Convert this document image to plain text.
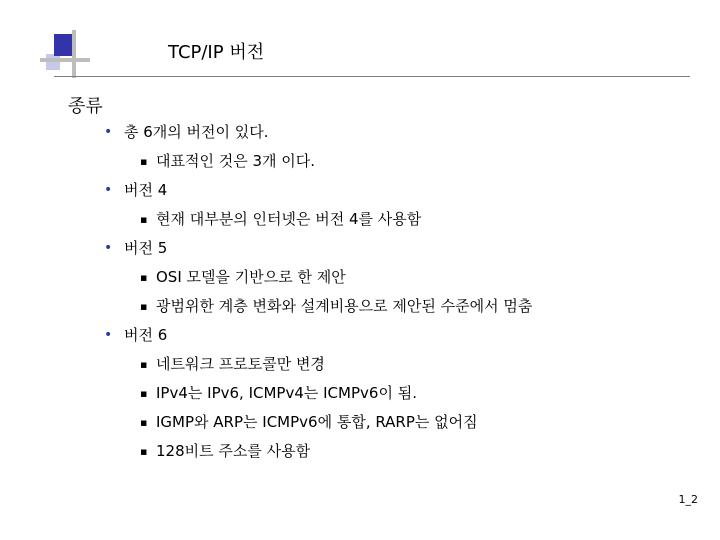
TCP/IP 버전
종류
• 총 6개의 버전이 있다.
▪ 대표적인 것은 3개 이다.
• 버전 4
▪ 현재 대부분의 인터넷은 버전 4를 사용함
• 버전 5
▪ OSI 모델을 기반으로 한 제안
▪ 광범위한 계층 변화와 설계비용으로 제안된 수준에서 멈춤
• 버전 6
▪ 네트워크 프로토콜만 변경
▪ IPv4는 IPv6, ICMPv4는 ICMPv6이 됨.
▪ IGMP와 ARP는 ICMPv6에 통합, RARP는 없어짐
▪ 128비트 주소를 사용함
1_2
